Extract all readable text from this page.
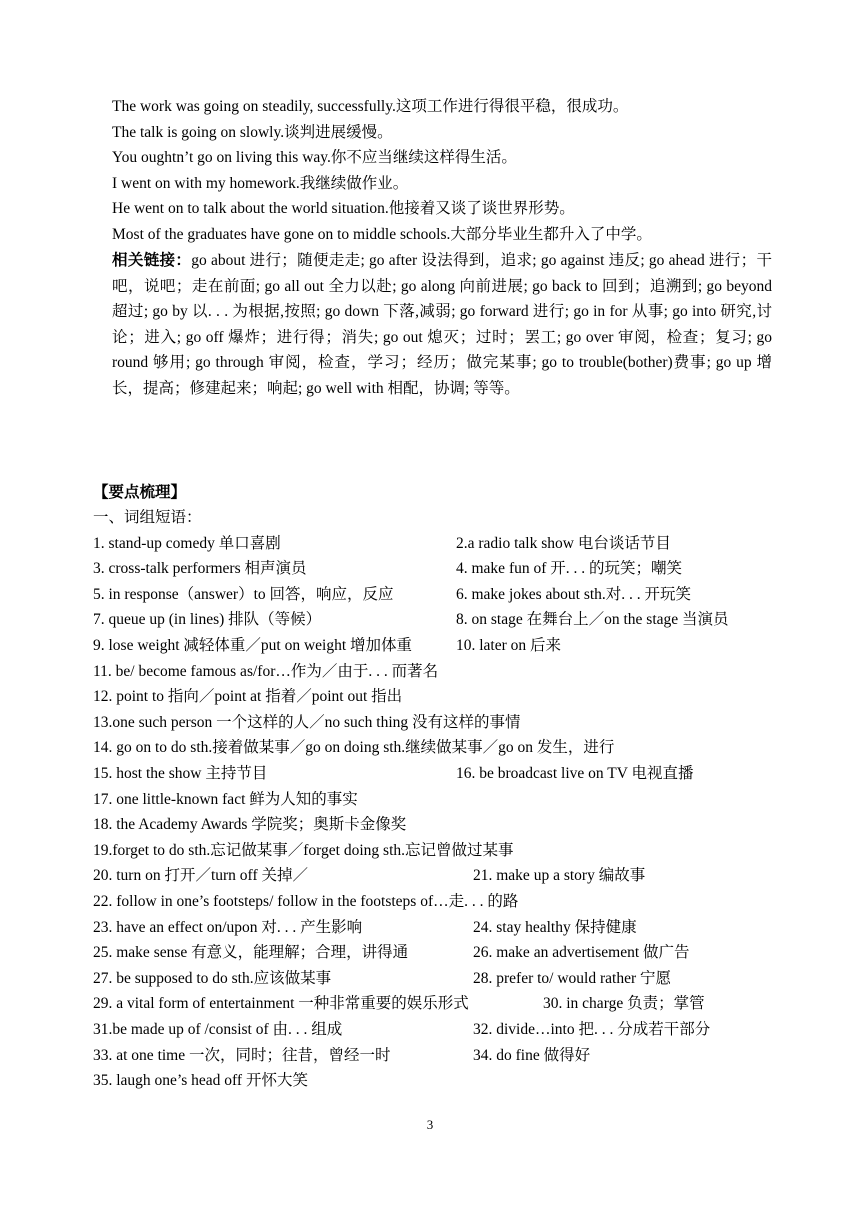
The work was going on steadily, successfully.这项工作进行得很平稳，很成功。
The talk is going on slowly.谈判进展缓慢。
You oughtn’t go on living this way.你不应当继续这样得生活。
I went on with my homework.我继续做作业。
He went on to talk about the world situation.他接着又谈了谈世界形势。
Most of the graduates have gone on to middle schools.大部分毕业生都升入了中学。
相关链接：go about 进行；随便走走; go after 设法得到，追求; go against 违反; go ahead 进行；干吧，说吧；走在前面; go all out 全力以赴; go along 向前进展; go back to 回到；追溯到; go beyond 超过; go by 以. . . 为根据,按照; go down 下落,减弱; go forward 进行; go in for 从事; go into 研究,讨论；进入; go off 爆炸；进行得；消失; go out 熄灭；过时；罢工; go over 审阅，检查；复习; go round 够用; go through 审阅，检查，学习；经历；做完某事; go to trouble(bother)费事; go up 增长，提高；修建起来；响起; go well with 相配，协调; 等等。
【要点梳理】
一、词组短语：
1. stand-up comedy 单口喜剧	2.a radio talk show 电台谈话节目
3. cross-talk performers 相声演员	4. make fun of 开. . . 的玩笑；嘲笑
5. in response（answer）to 回答，响应，反应	6. make jokes about sth.对. . . 开玩笑
7. queue up (in lines) 排队（等候）	8. on stage 在舞台上／on the stage 当演员
9. lose weight 减轻体重／put on weight 增加体重	10. later on 后来
11. be/ become famous as/for…作为／由于. . . 而著名
12. point to 指向／point at 指着／point out 指出
13.one such person 一个这样的人／no such thing 没有这样的事情
14. go on to do sth.接着做某事／go on doing sth.继续做某事／go on 发生，进行
15. host the show 主持节目	16. be broadcast live on TV 电视直播
17. one little-known fact 鲜为人知的事实
18. the Academy Awards 学院奖；奥斯卡金像奖
19.forget to do sth.忘记做某事／forget doing sth.忘记曾做过某事
20. turn on 打开／turn off 关掉／	21. make up a story 编故事
22. follow in one’s footsteps/ follow in the footsteps of…走. . . 的路
23. have an effect on/upon 对. . . 产生影响	24. stay healthy 保持健康
25. make sense 有意义，能理解；合理，讲得通	26. make an advertisement 做广告
27. be supposed to do sth.应该做某事	28. prefer to/ would rather 宁愿
29. a vital form of entertainment 一种非常重要的娱乐形式	30. in charge 负责；掌管
31.be made up of /consist of 由. . . 组成	32. divide…into 把. . . 分成若干部分
33. at one time 一次，同时；往昔，曾经一时	34. do fine 做得好
35. laugh one’s head off 开怀大笑
3
